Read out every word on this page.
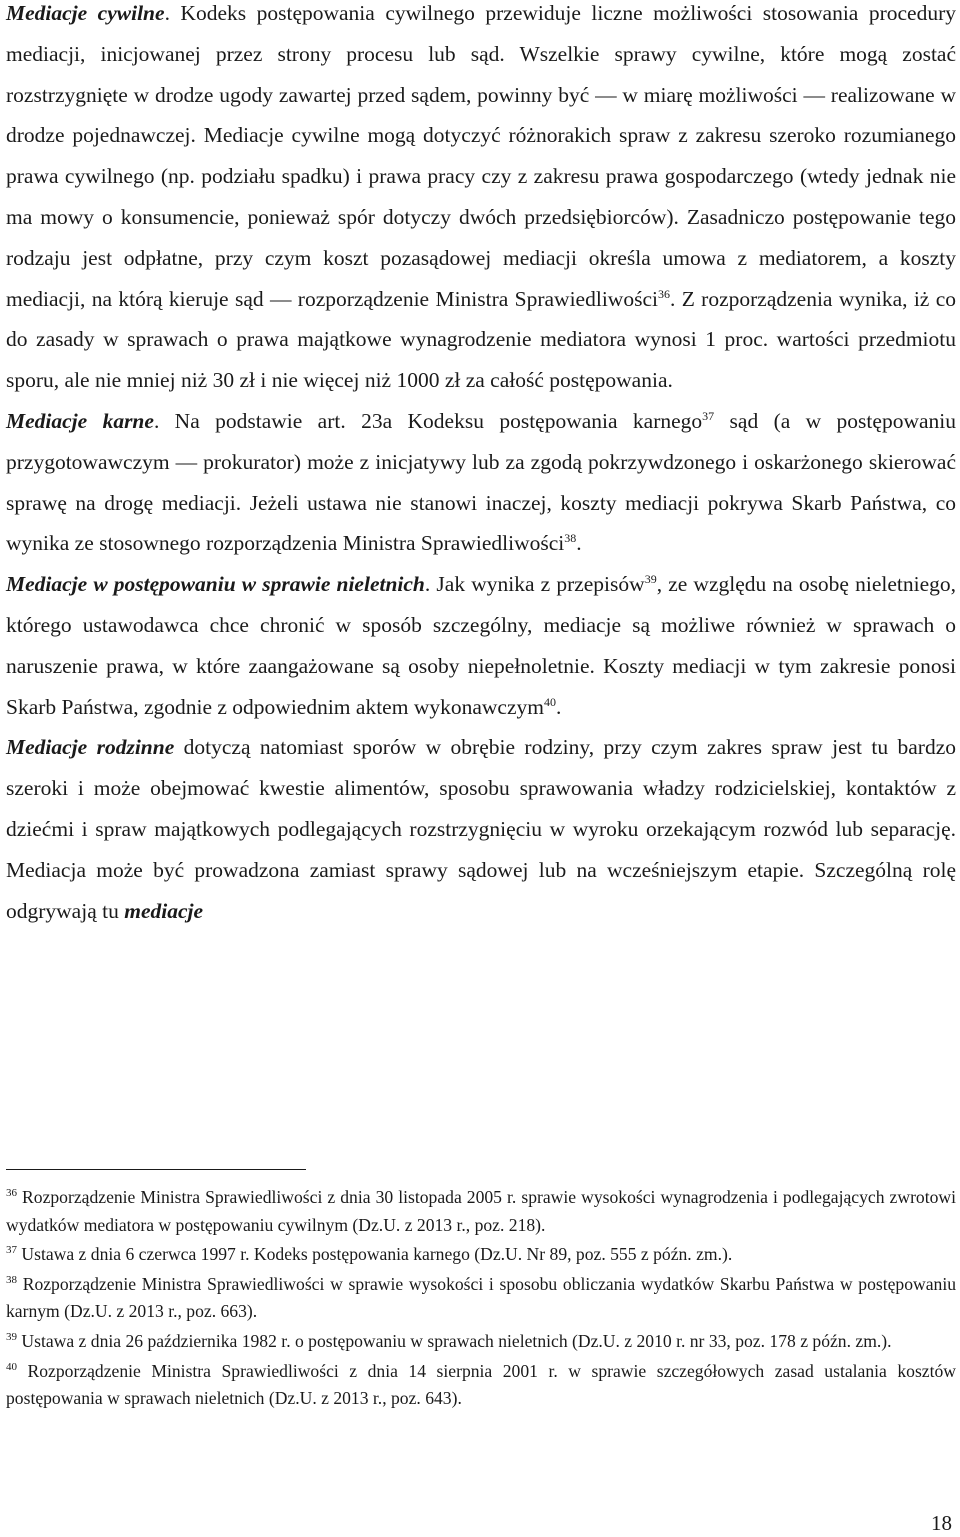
Mediacje cywilne. Kodeks postępowania cywilnego przewiduje liczne możliwości stosowania procedury mediacji, inicjowanej przez strony procesu lub sąd. Wszelkie sprawy cywilne, które mogą zostać rozstrzygnięte w drodze ugody zawartej przed sądem, powinny być — w miarę możliwości — realizowane w drodze pojednawczej. Mediacje cywilne mogą dotyczyć różnorakich spraw z zakresu szeroko rozumianego prawa cywilnego (np. podziału spadku) i prawa pracy czy z zakresu prawa gospodarczego (wtedy jednak nie ma mowy o konsumencie, ponieważ spór dotyczy dwóch przedsiębiorców). Zasadniczo postępowanie tego rodzaju jest odpłatne, przy czym koszt pozasądowej mediacji określa umowa z mediatorem, a koszty mediacji, na którą kieruje sąd — rozporządzenie Ministra Sprawiedliwości$^{36}$. Z rozporządzenia wynika, iż co do zasady w sprawach o prawa majątkowe wynagrodzenie mediatora wynosi 1 proc. wartości przedmiotu sporu, ale nie mniej niż 30 zł i nie więcej niż 1000 zł za całość postępowania.

Mediacje karne. Na podstawie art. 23a Kodeksu postępowania karnego$^{37}$ sąd (a w postępowaniu przygotowawczym — prokurator) może z inicjatywy lub za zgodą pokrzywdzonego i oskarżonego skierować sprawę na drogę mediacji. Jeżeli ustawa nie stanowi inaczej, koszty mediacji pokrywa Skarb Państwa, co wynika ze stosownego rozporządzenia Ministra Sprawiedliwości$^{38}$.

Mediacje w postępowaniu w sprawie nieletnich. Jak wynika z przepisów$^{39}$, ze względu na osobę nieletniego, którego ustawodawca chce chronić w sposób szczególny, mediacje są możliwe również w sprawach o naruszenie prawa, w które zaangażowane są osoby niepełnoletnie. Koszty mediacji w tym zakresie ponosi Skarb Państwa, zgodnie z odpowiednim aktem wykonawczym$^{40}$.

Mediacje rodzinne dotyczą natomiast sporów w obrębie rodziny, przy czym zakres spraw jest tu bardzo szeroki i może obejmować kwestie alimentów, sposobu sprawowania władzy rodzicielskiej, kontaktów z dziećmi i spraw majątkowych podlegających rozstrzygnięciu w wyroku orzekającym rozwód lub separację. Mediacja może być prowadzona zamiast sprawy sądowej lub na wcześniejszym etapie. Szczególną rolę odgrywają tu mediacje

$^{36}$ Rozporządzenie Ministra Sprawiedliwości z dnia 30 listopada 2005 r. sprawie wysokości wynagrodzenia i podlegających zwrotowi wydatków mediatora w postępowaniu cywilnym (Dz.U. z 2013 r., poz. 218).

$^{37}$ Ustawa z dnia 6 czerwca 1997 r. Kodeks postępowania karnego (Dz.U. Nr 89, poz. 555 z późn. zm.).

$^{38}$ Rozporządzenie Ministra Sprawiedliwości w sprawie wysokości i sposobu obliczania wydatków Skarbu Państwa w postępowaniu karnym (Dz.U. z 2013 r., poz. 663).

$^{39}$ Ustawa z dnia 26 października 1982 r. o postępowaniu w sprawach nieletnich (Dz.U. z 2010 r. nr 33, poz. 178 z późn. zm.).

$^{40}$ Rozporządzenie Ministra Sprawiedliwości z dnia 14 sierpnia 2001 r. w sprawie szczegółowych zasad ustalania kosztów postępowania w sprawach nieletnich (Dz.U. z 2013 r., poz. 643).

18
